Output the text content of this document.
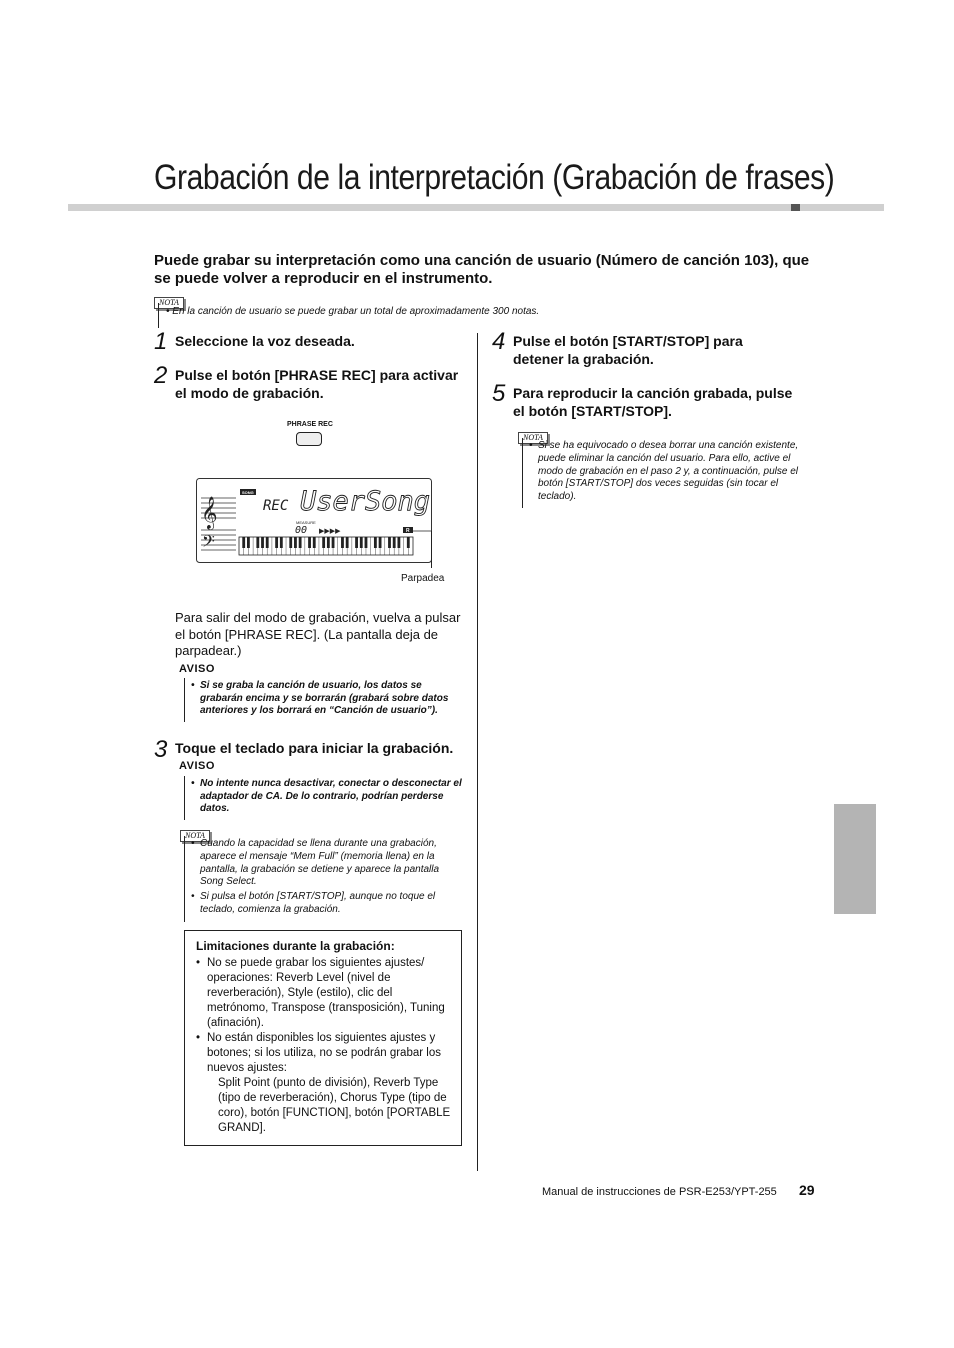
Grabación de la interpretación (Grabación de frases)
Puede grabar su interpretación como una canción de usuario (Número de canción 103), que se puede volver a reproducir en el instrumento.
NOTA
• En la canción de usuario se puede grabar un total de aproximadamente 300 notas.
1 Seleccione la voz deseada.
2 Pulse el botón [PHRASE REC] para activar el modo de grabación.
PHRASE REC
𝄞
𝄢
SONG
REC UserSong
MEASURE
00 ▶▶▶▶	R
Parpadea
Para salir del modo de grabación, vuelva a pulsar el botón [PHRASE REC]. (La pantalla deja de parpadear.)
AVISO
• Si se graba la canción de usuario, los datos se grabarán encima y se borrarán (grabará sobre datos anteriores y los borrará en “Canción de usuario”).
3 Toque el teclado para iniciar la grabación.
AVISO
• No intente nunca desactivar, conectar o desconectar el adaptador de CA. De lo contrario, podrían perderse datos.
NOTA
• Cuando la capacidad se llena durante una grabación, aparece el mensaje “Mem Full” (memoria llena) en la pantalla, la grabación se detiene y aparece la pantalla Song Select.
• Si pulsa el botón [START/STOP], aunque no toque el teclado, comienza la grabación.
Limitaciones durante la grabación:
• No se puede grabar los siguientes ajustes/ operaciones: Reverb Level (nivel de reverberación), Style (estilo), clic del metrónomo, Transpose (transposición), Tuning (afinación).
• No están disponibles los siguientes ajustes y botones; si los utiliza, no se podrán grabar los nuevos ajustes:
Split Point (punto de división), Reverb Type (tipo de reverberación), Chorus Type (tipo de coro), botón [FUNCTION], botón [PORTABLE GRAND].
4 Pulse el botón [START/STOP] para detener la grabación.
5 Para reproducir la canción grabada, pulse el botón [START/STOP].
NOTA
• Si se ha equivocado o desea borrar una canción existente, puede eliminar la canción del usuario. Para ello, active el modo de grabación en el paso 2 y, a continuación, pulse el botón [START/STOP] dos veces seguidas (sin tocar el teclado).
Manual de instrucciones de PSR-E253/YPT-255 29
